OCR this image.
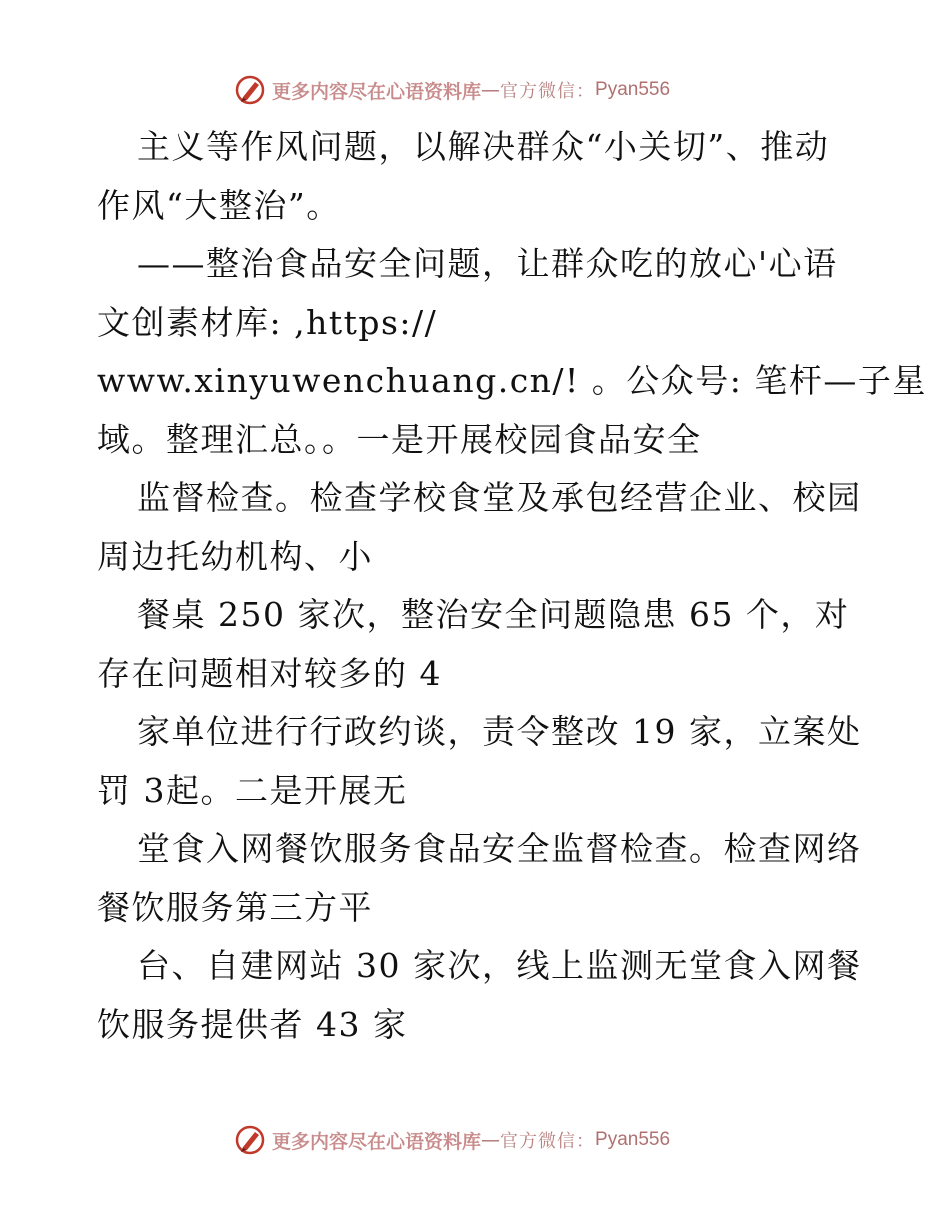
更多内容尽在心语资料库 — 官方微信： Pyan556
主义等作风问题，以解决群众“小关切”、推动
作风“大整治”。
——整治食品安全问题，让群众吃的放心'心语
文创素材库: ,https://
www.xinyuwenchuang.cn/! 。公众号: 笔杆—子星
域。整理汇总。。一是开展校园食品安全
监督检查。检查学校食堂及承包经营企业、校园
周边托幼机构、小
餐桌 250 家次，整治安全问题隐患 65 个，对
存在问题相对较多的 4
家单位进行行政约谈，责令整改 19 家，立案处
罚 3起。二是开展无
堂食入网餐饮服务食品安全监督检查。检查网络
餐饮服务第三方平
台、自建网站 30 家次，线上监测无堂食入网餐
饮服务提供者 43 家
更多内容尽在心语资料库 — 官方微信： Pyan556
